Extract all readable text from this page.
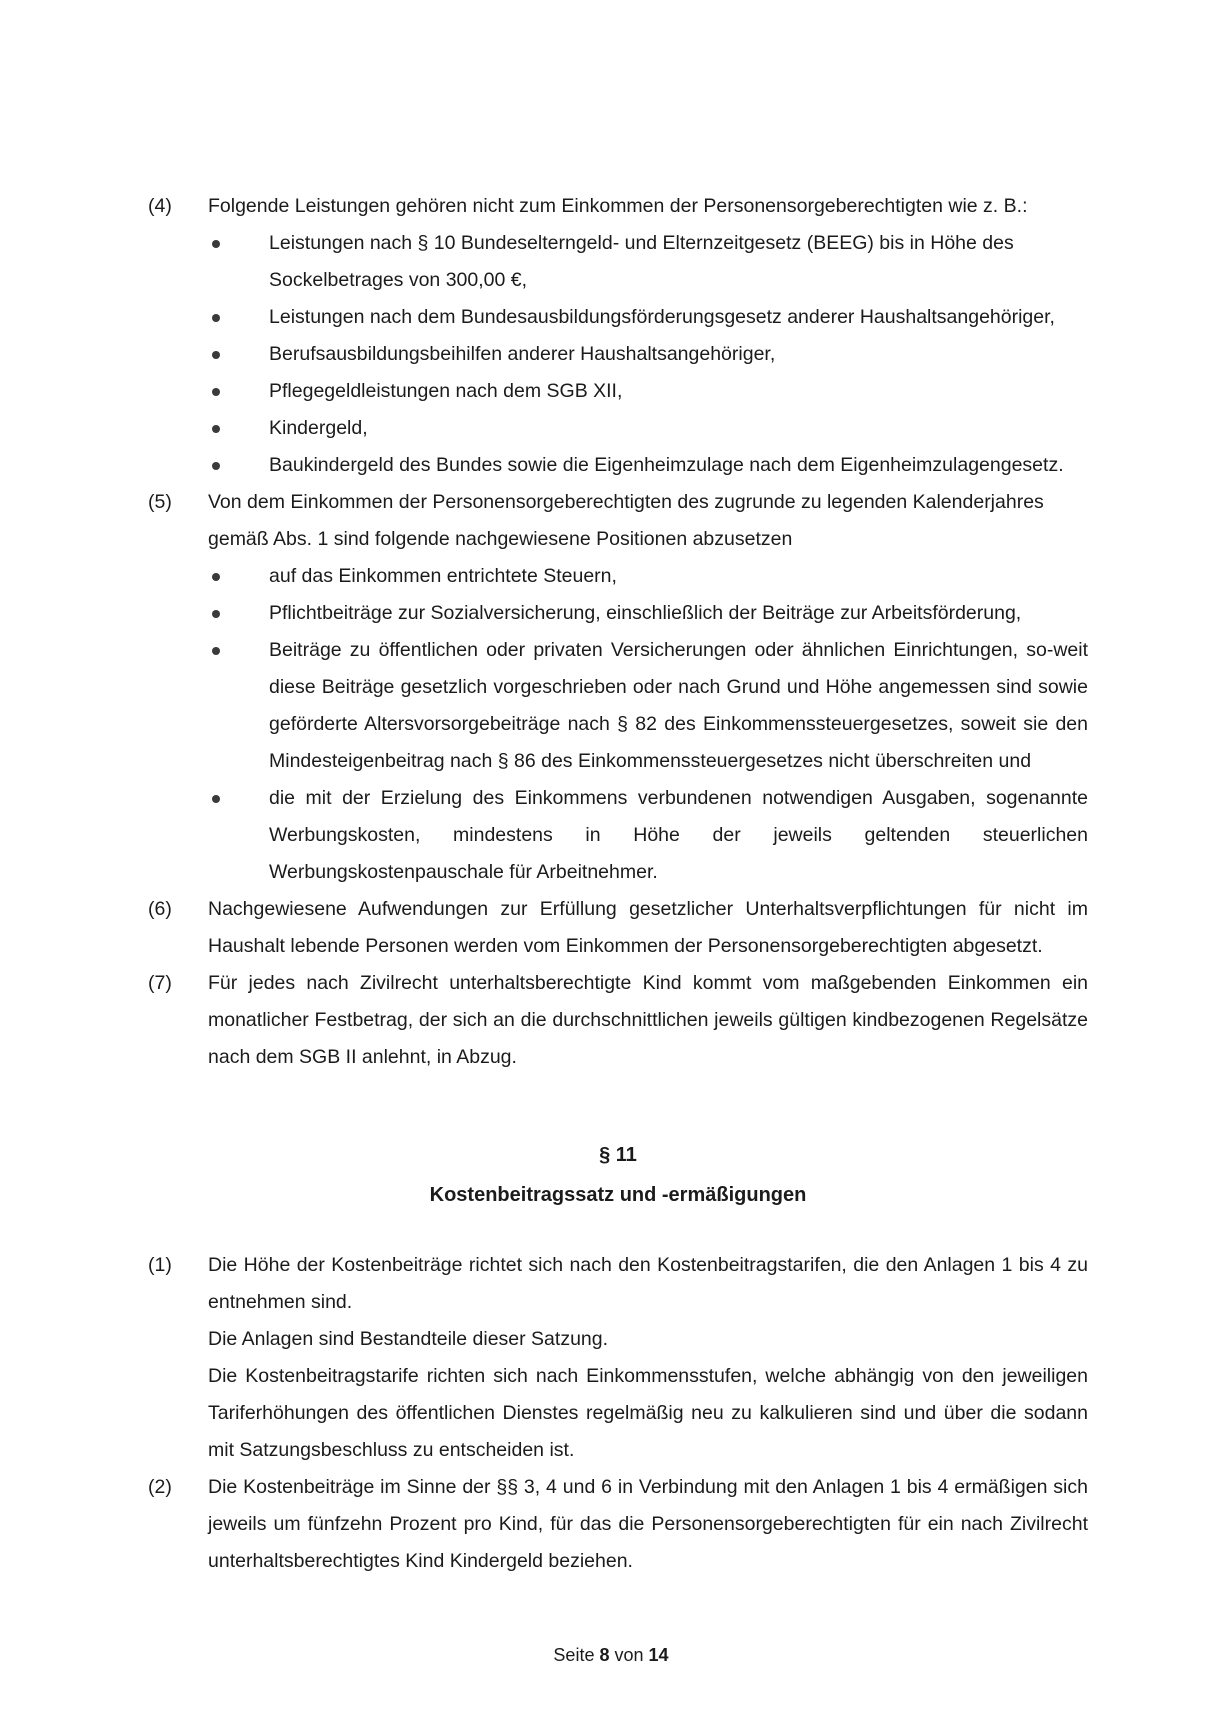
(4)	Folgende Leistungen gehören nicht zum Einkommen der Personensorgeberechtigten wie z. B.:

Leistungen nach § 10 Bundeselterngeld- und Elternzeitgesetz (BEEG) bis in Höhe des Sockelbetrages von 300,00 €,
Leistungen nach dem Bundesausbildungsförderungsgesetz anderer Haushaltsangehöriger,
Berufsausbildungsbeihilfen anderer Haushaltsangehöriger,
Pflegegeldleistungen nach dem SGB XII,
Kindergeld,
Baukindergeld des Bundes sowie die Eigenheimzulage nach dem Eigenheimzulagengesetz.
(5)	Von dem Einkommen der Personensorgeberechtigten des zugrunde zu legenden Kalenderjahres gemäß Abs. 1 sind folgende nachgewiesene Positionen abzusetzen

auf das Einkommen entrichtete Steuern,
Pflichtbeiträge zur Sozialversicherung, einschließlich der Beiträge zur Arbeitsförderung,
Beiträge zu öffentlichen oder privaten Versicherungen oder ähnlichen Einrichtungen, so-weit diese Beiträge gesetzlich vorgeschrieben oder nach Grund und Höhe angemessen sind sowie geförderte Altersvorsorgebeiträge nach § 82 des Einkommenssteuergesetzes, soweit sie den Mindesteigenbeitrag nach § 86 des Einkommenssteuergesetzes nicht überschreiten und
die mit der Erzielung des Einkommens verbundenen notwendigen Ausgaben, sogenannte Werbungskosten, mindestens in Höhe der jeweils geltenden steuerlichen Werbungskostenpauschale für Arbeitnehmer.
(6)	Nachgewiesene Aufwendungen zur Erfüllung gesetzlicher Unterhaltsverpflichtungen für nicht im Haushalt lebende Personen werden vom Einkommen der Personensorgeberechtigten abgesetzt.

(7)	Für jedes nach Zivilrecht unterhaltsberechtigte Kind kommt vom maßgebenden Einkommen ein monatlicher Festbetrag, der sich an die durchschnittlichen jeweils gültigen kindbezogenen Regelsätze nach dem SGB II anlehnt, in Abzug.

§ 11
Kostenbeitragssatz und -ermäßigungen
(1)	Die Höhe der Kostenbeiträge richtet sich nach den Kostenbeitragstarifen, die den Anlagen 1 bis 4 zu entnehmen sind.

Die Anlagen sind Bestandteile dieser Satzung.

Die Kostenbeitragstarife richten sich nach Einkommensstufen, welche abhängig von den jeweiligen Tariferhöhungen des öffentlichen Dienstes regelmäßig neu zu kalkulieren sind und über die sodann mit Satzungsbeschluss zu entscheiden ist.

(2)	Die Kostenbeiträge im Sinne der §§ 3, 4 und 6 in Verbindung mit den Anlagen 1 bis 4 ermäßigen sich jeweils um fünfzehn Prozent pro Kind, für das die Personensorgeberechtigten für ein nach Zivilrecht unterhaltsberechtigtes Kind Kindergeld beziehen.

Seite 8 von 14
